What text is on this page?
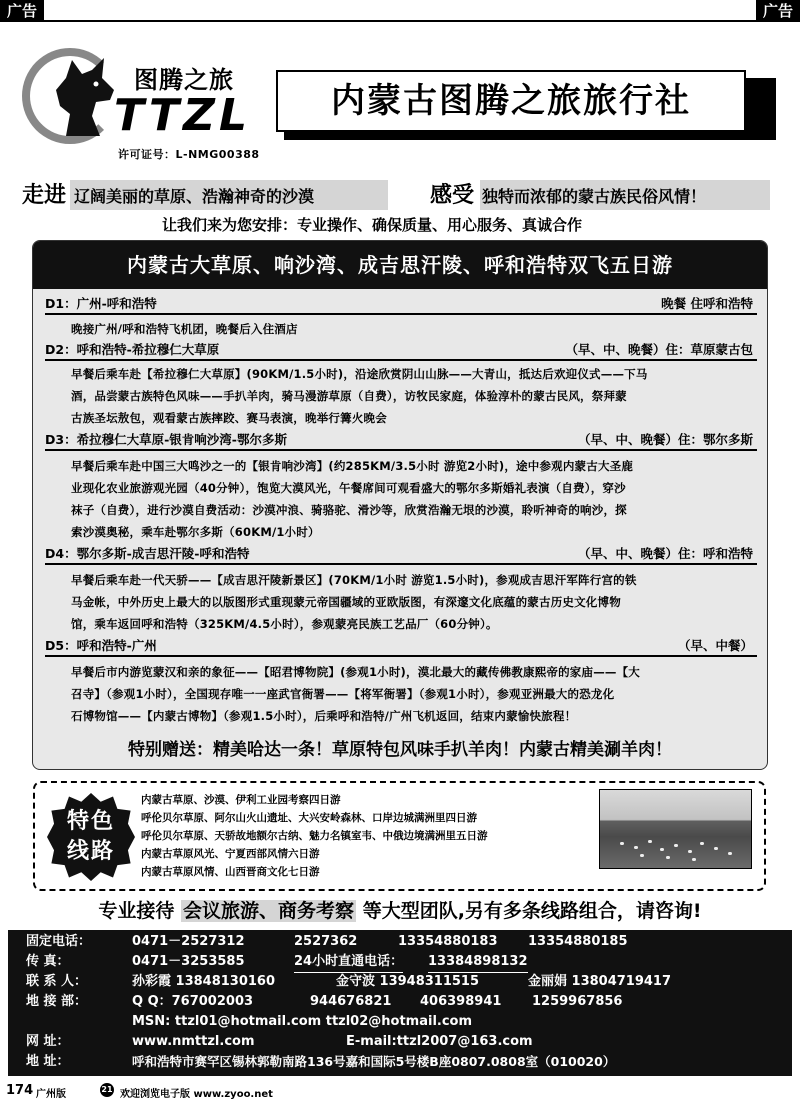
广告	广告
图腾之旅
TTZL
许可证号：L-NMG00388
内蒙古图腾之旅旅行社
走进 辽阔美丽的草原、浩瀚神奇的沙漠	感受 独特而浓郁的蒙古族民俗风情！
让我们来为您安排：专业操作、确保质量、用心服务、真诚合作
内蒙古大草原、响沙湾、成吉思汗陵、呼和浩特双飞五日游
D1：广州-呼和浩特	晚餐 住呼和浩特
晚接广州/呼和浩特飞机团，晚餐后入住酒店
D2：呼和浩特-希拉穆仁大草原	（早、中、晚餐）住：草原蒙古包
早餐后乘车赴【希拉穆仁大草原】(90KM/1.5小时)，沿途欣赏阴山山脉——大青山，抵达后欢迎仪式——下马
酒，品尝蒙古族特色风味——手扒羊肉，骑马漫游草原（自费），访牧民家庭，体验淳朴的蒙古民风，祭拜蒙
古族圣坛敖包，观看蒙古族摔跤、赛马表演，晚举行篝火晚会
D3：希拉穆仁大草原-银肯响沙湾-鄂尔多斯	（早、中、晚餐）住：鄂尔多斯
早餐后乘车赴中国三大鸣沙之一的【银肯响沙湾】(约285KM/3.5小时 游览2小时)，途中参观内蒙古大圣鹿
业现化农业旅游观光园（40分钟），饱览大漠风光，午餐席间可观看盛大的鄂尔多斯婚礼表演（自费），穿沙
袜子（自费），进行沙漠自费活动：沙漠冲浪、骑骆驼、滑沙等，欣赏浩瀚无垠的沙漠，聆听神奇的响沙，探
索沙漠奥秘，乘车赴鄂尔多斯（60KM/1小时）
D4：鄂尔多斯-成吉思汗陵-呼和浩特	（早、中、晚餐）住：呼和浩特
早餐后乘车赴一代天骄——【成吉思汗陵新景区】(70KM/1小时 游览1.5小时)，参观成吉思汗军阵行宫的铁
马金帐，中外历史上最大的以版图形式重现蒙元帝国疆域的亚欧版图，有深邃文化底蕴的蒙古历史文化博物
馆，乘车返回呼和浩特（325KM/4.5小时），参观蒙亮民族工艺品厂（60分钟）。
D5：呼和浩特-广州	（早、中餐）
早餐后市内游览蒙汉和亲的象征——【昭君博物院】(参观1小时)，漠北最大的藏传佛教康熙帝的家庙——【大
召寺】（参观1小时），全国现存唯一一座武官衙署——【将军衙署】（参观1小时），参观亚洲最大的恐龙化
石博物馆——【内蒙古博物】（参观1.5小时），后乘呼和浩特/广州飞机返回，结束内蒙愉快旅程！
特别赠送：精美哈达一条！草原特包风味手扒羊肉！内蒙古精美涮羊肉！
特色
线路
内蒙古草原、沙漠、伊利工业园考察四日游
呼伦贝尔草原、阿尔山火山遗址、大兴安岭森林、口岸边城满洲里四日游
呼伦贝尔草原、天骄故地额尔古纳、魅力名镇室韦、中俄边境满洲里五日游
内蒙古草原风光、宁夏西部风情六日游
内蒙古草原风情、山西晋商文化七日游
专业接待 会议旅游、商务考察 等大型团队,另有多条线路组合，请咨询!
固定电话：	0471－2527312	2527362	13354880183 13354880185
传 真：	0471－3253585	24小时直通电话： 13384898132
联 系 人：	孙彩霞 13848130160	金守波 13948311515	金丽娟 13804719417
地 接 部：	Q Q：767002003	944676821 406398941 1259967856
MSN: ttzl01@hotmail.com ttzl02@hotmail.com
网 址：	www.nmttzl.com	E-mail:ttzl2007@163.com
地 址：	呼和浩特市赛罕区锡林郭勒南路136号嘉和国际5号楼B座0807.0808室（010020）
174 广州版	21 欢迎浏览电子版 www.zyoo.net
